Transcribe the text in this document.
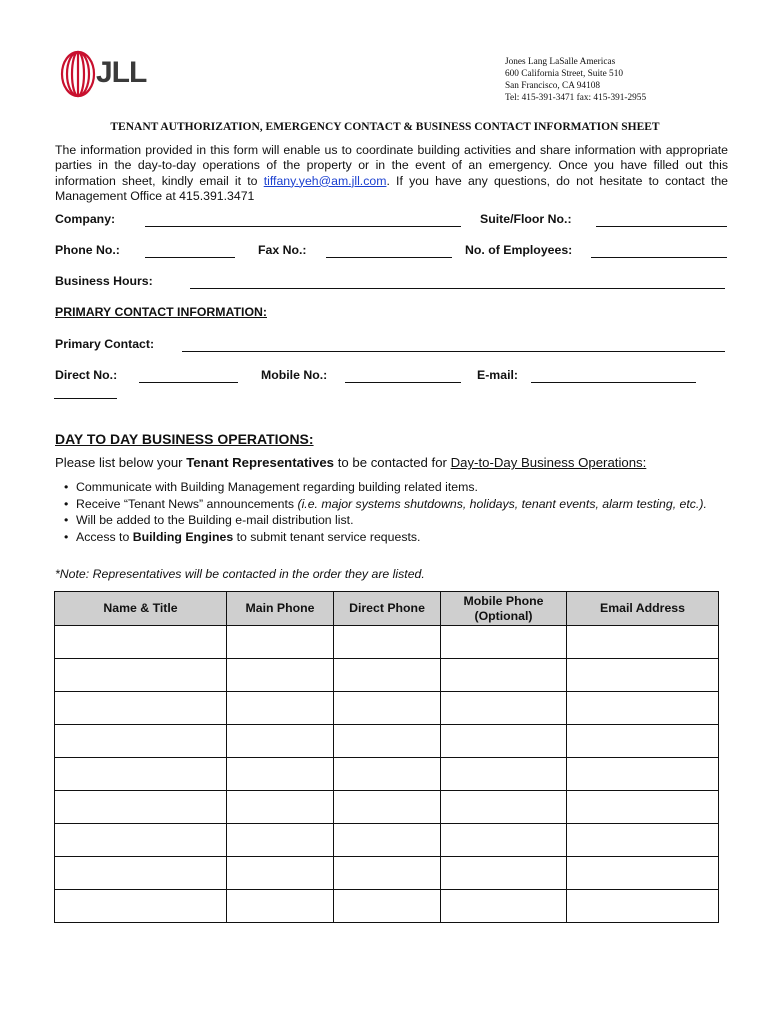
JLL	Jones Lang LaSalle Americas
600 California Street, Suite 510
San Francisco, CA 94108
Tel: 415-391-3471 fax: 415-391-2955
TENANT AUTHORIZATION, EMERGENCY CONTACT & BUSINESS CONTACT INFORMATION SHEET
The information provided in this form will enable us to coordinate building activities and share information with appropriate parties in the day-to-day operations of the property or in the event of an emergency. Once you have filled out this information sheet, kindly email it to tiffany.yeh@am.jll.com. If you have any questions, do not hesitate to contact the Management Office at 415.391.3471
Company:	Suite/Floor No.:
Phone No.:	Fax No.:	No. of Employees:
Business Hours:
PRIMARY CONTACT INFORMATION:
Primary Contact:
Direct No.:	Mobile No.:	E-mail:
DAY TO DAY BUSINESS OPERATIONS:
Please list below your Tenant Representatives to be contacted for Day-to-Day Business Operations:
• Communicate with Building Management regarding building related items.
• Receive “Tenant News” announcements (i.e. major systems shutdowns, holidays, tenant events, alarm testing, etc.).
• Will be added to the Building e-mail distribution list.
• Access to Building Engines to submit tenant service requests.
*Note: Representatives will be contacted in the order they are listed.
Name & Title	Main Phone	Direct Phone	Mobile Phone
(Optional)	Email Address
